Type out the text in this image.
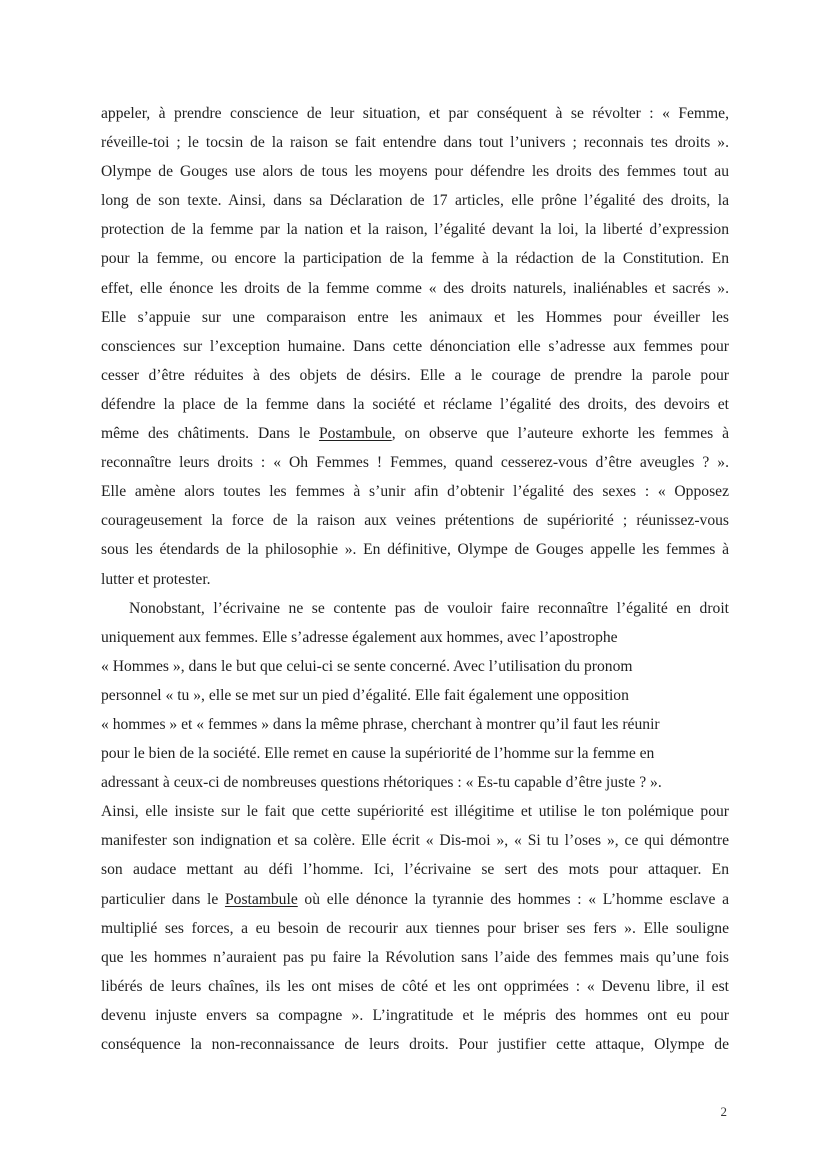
appeler, à prendre conscience de leur situation, et par conséquent à se révolter : « Femme,
réveille-toi ; le tocsin de la raison se fait entendre dans tout l’univers ; reconnais tes droits ».
Olympe de Gouges use alors de tous les moyens pour défendre les droits des femmes tout au
long de son texte. Ainsi, dans sa Déclaration de 17 articles, elle prône l’égalité des droits, la
protection de la femme par la nation et la raison, l’égalité devant la loi, la liberté d’expression
pour la femme, ou encore la participation de la femme à la rédaction de la Constitution. En
effet, elle énonce les droits de la femme comme « des droits naturels, inaliénables et sacrés ».
Elle s’appuie sur une comparaison entre les animaux et les Hommes pour éveiller les
consciences sur l’exception humaine. Dans cette dénonciation elle s’adresse aux femmes pour
cesser d’être réduites à des objets de désirs. Elle a le courage de prendre la parole pour
défendre la place de la femme dans la société et réclame l’égalité des droits, des devoirs et
même des châtiments. Dans le Postambule, on observe que l’auteure exhorte les femmes à
reconnaître leurs droits : « Oh Femmes ! Femmes, quand cesserez-vous d’être aveugles ? ».
Elle amène alors toutes les femmes à s’unir afin d’obtenir l’égalité des sexes : « Opposez
courageusement la force de la raison aux veines prétentions de supériorité ; réunissez-vous
sous les étendards de la philosophie ». En définitive, Olympe de Gouges appelle les femmes à
lutter et protester.
Nonobstant, l’écrivaine ne se contente pas de vouloir faire reconnaître l’égalité en droit
uniquement aux femmes. Elle s’adresse également aux hommes, avec l’apostrophe
« Hommes », dans le but que celui-ci se sente concerné. Avec l’utilisation du pronom
personnel « tu », elle se met sur un pied d’égalité. Elle fait également une opposition
« hommes » et « femmes » dans la même phrase, cherchant à montrer qu’il faut les réunir
pour le bien de la société. Elle remet en cause la supériorité de l’homme sur la femme en
adressant à ceux-ci de nombreuses questions rhétoriques : « Es-tu capable d’être juste ? ».
Ainsi, elle insiste sur le fait que cette supériorité est illégitime et utilise le ton polémique pour
manifester son indignation et sa colère. Elle écrit « Dis-moi », « Si tu l’oses », ce qui démontre
son audace mettant au défi l’homme. Ici, l’écrivaine se sert des mots pour attaquer. En
particulier dans le Postambule où elle dénonce la tyrannie des hommes : « L’homme esclave a
multiplié ses forces, a eu besoin de recourir aux tiennes pour briser ses fers ». Elle souligne
que les hommes n’auraient pas pu faire la Révolution sans l’aide des femmes mais qu’une fois
libérés de leurs chaînes, ils les ont mises de côté et les ont opprimées : « Devenu libre, il est
devenu injuste envers sa compagne ». L’ingratitude et le mépris des hommes ont eu pour
conséquence la non-reconnaissance de leurs droits. Pour justifier cette attaque, Olympe de
2
